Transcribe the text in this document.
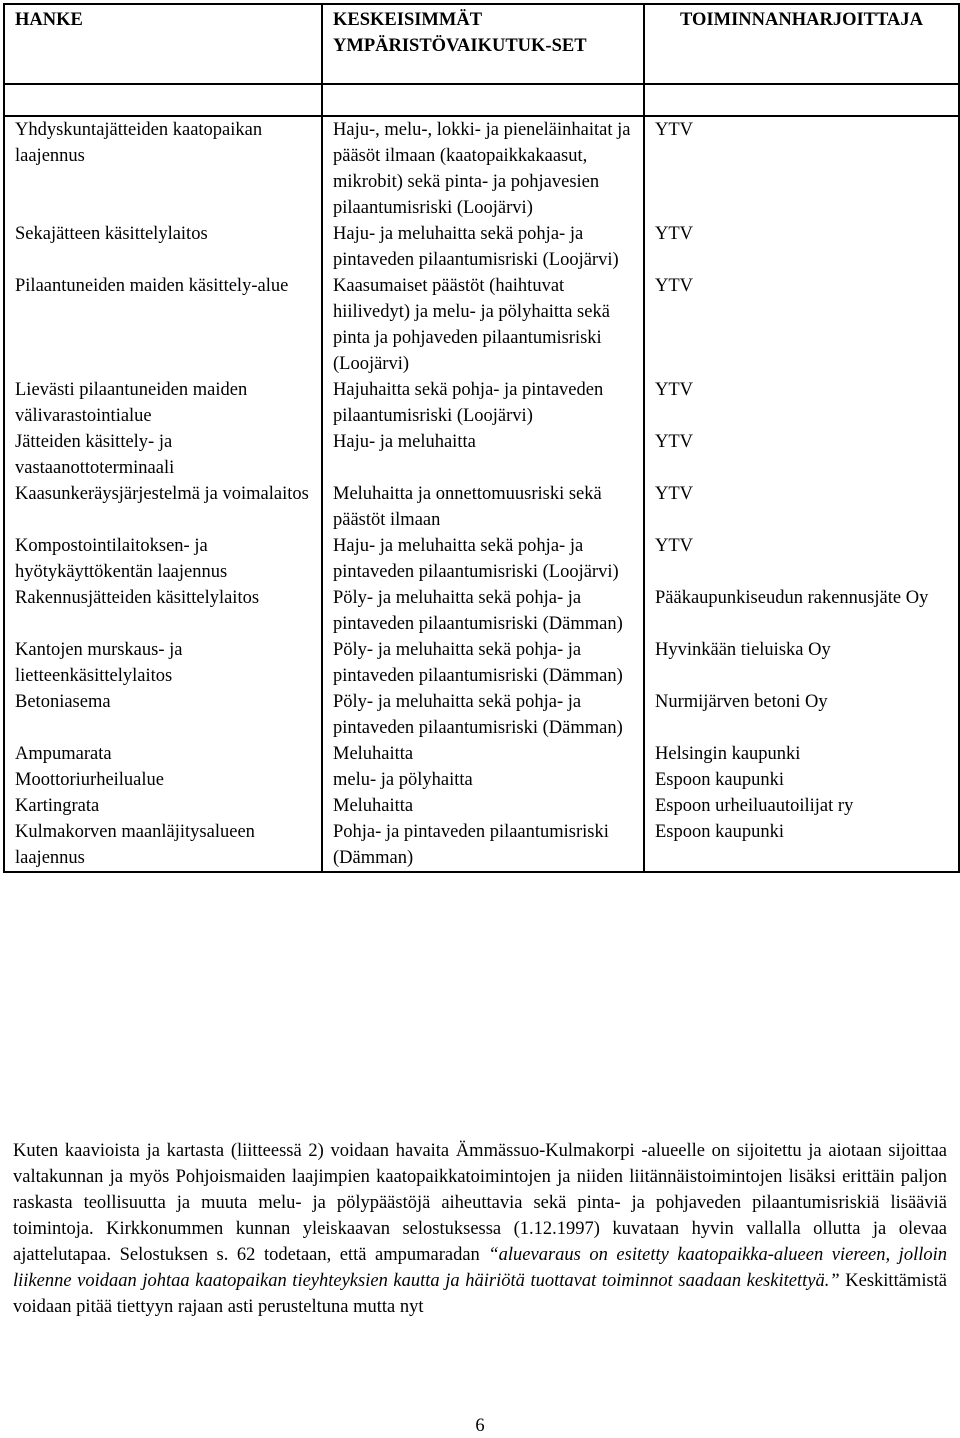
HANKE	KESKEISIMMÄT YMPÄRISTÖVAIKUTUK-SET	TOIMINNANHARJOITTAJA

Yhdyskuntajätteiden kaatopaikan laajennus	Haju-, melu-, lokki- ja pieneläinhaitat ja pääsöt ilmaan (kaatopaikkakaasut, mikrobit) sekä pinta- ja pohjavesien pilaantumisriski (Loojärvi)	YTV
Sekajätteen käsittelylaitos	Haju- ja meluhaitta sekä pohja- ja pintaveden pilaantumisriski (Loojärvi)	YTV
Pilaantuneiden maiden käsittely-alue	Kaasumaiset päästöt (haihtuvat hiilivedyt) ja melu- ja pölyhaitta sekä pinta ja pohjaveden pilaantumisriski (Loojärvi)	YTV
Lievästi pilaantuneiden maiden välivarastointialue	Hajuhaitta sekä pohja- ja pintaveden pilaantumisriski (Loojärvi)	YTV
Jätteiden käsittely- ja vastaanottoterminaali	Haju- ja meluhaitta	YTV
Kaasunkeräysjärjestelmä ja voimalaitos	Meluhaitta ja onnettomuusriski sekä päästöt ilmaan	YTV
Kompostointilaitoksen- ja hyötykäyttökentän laajennus	Haju- ja meluhaitta sekä pohja- ja pintaveden pilaantumisriski (Loojärvi)	YTV
Rakennusjätteiden käsittelylaitos	Pöly- ja meluhaitta sekä pohja- ja pintaveden pilaantumisriski (Dämman)	Pääkaupunkiseudun rakennusjäte Oy
Kantojen murskaus- ja lietteenkäsittelylaitos	Pöly- ja meluhaitta sekä pohja- ja pintaveden pilaantumisriski (Dämman)	Hyvinkään tieluiska Oy
Betoniasema	Pöly- ja meluhaitta sekä pohja- ja pintaveden pilaantumisriski (Dämman)	Nurmijärven betoni Oy
Ampumarata	Meluhaitta	Helsingin kaupunki
Moottoriurheilualue	melu- ja pölyhaitta	Espoon kaupunki
Kartingrata	Meluhaitta	Espoon urheiluautoilijat ry
Kulmakorven maanläjitysalueen laajennus	Pohja- ja pintaveden pilaantumisriski (Dämman)	Espoon kaupunki
Kuten kaavioista ja kartasta (liitteessä 2) voidaan havaita Ämmässuo-Kulmakorpi -alueelle on sijoitettu ja aiotaan sijoittaa valtakunnan ja myös Pohjoismaiden laajimpien kaatopaikkatoimintojen ja niiden liitännäistoimintojen lisäksi erittäin paljon raskasta teollisuutta ja muuta melu- ja pölypäästöjä aiheuttavia sekä pinta- ja pohjaveden pilaantumisriskiä lisääviä toimintoja. Kirkkonummen kunnan yleiskaavan selostuksessa (1.12.1997) kuvataan hyvin vallalla ollutta ja olevaa ajattelutapaa. Selostuksen s. 62 todetaan, että ampumaradan “aluevaraus on esitetty kaatopaikka-alueen viereen, jolloin liikenne voidaan johtaa kaatopaikan tieyhteyksien kautta ja häiriötä tuottavat toiminnot saadaan keskitettyä.” Keskittämistä voidaan pitää tiettyyn rajaan asti perusteltuna mutta nyt
6
